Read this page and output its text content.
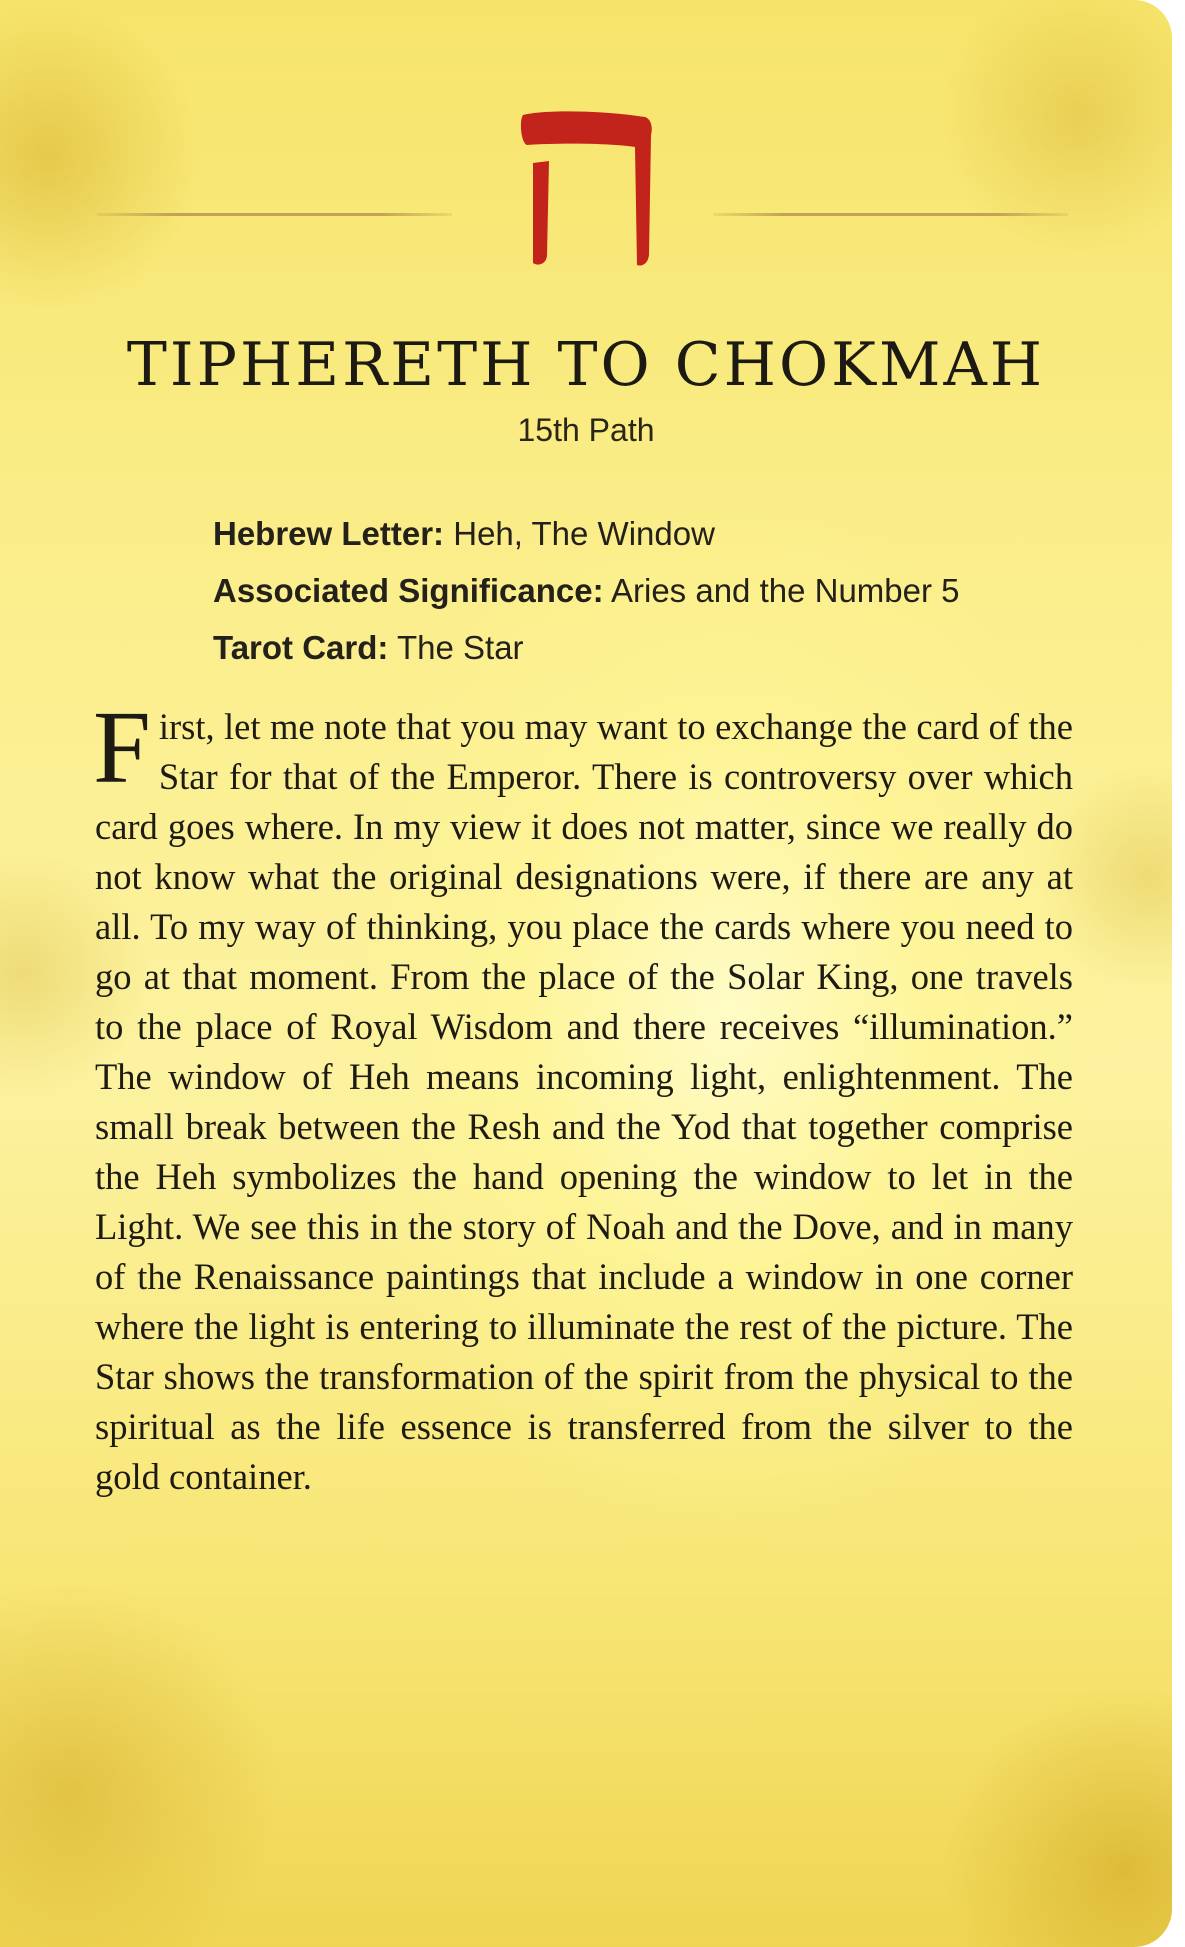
TIPHERETH TO CHOKMAH
15th Path
Hebrew Letter: Heh, The Window
Associated Significance: Aries and the Number 5
Tarot Card: The Star
First, let me note that you may want to exchange the card of the Star for that of the Emperor. There is controversy over which card goes where. In my view it does not matter, since we really do not know what the original designations were, if there are any at all. To my way of thinking, you place the cards where you need to go at that moment. From the place of the Solar King, one travels to the place of Royal Wisdom and there receives “illumination.” The window of Heh means incoming light, enlightenment. The small break between the Resh and the Yod that together comprise the Heh symbolizes the hand opening the window to let in the Light. We see this in the story of Noah and the Dove, and in many of the Renaissance paintings that include a window in one corner where the light is entering to illuminate the rest of the picture. The Star shows the transformation of the spirit from the physical to the spiritual as the life essence is transferred from the silver to the gold container.
